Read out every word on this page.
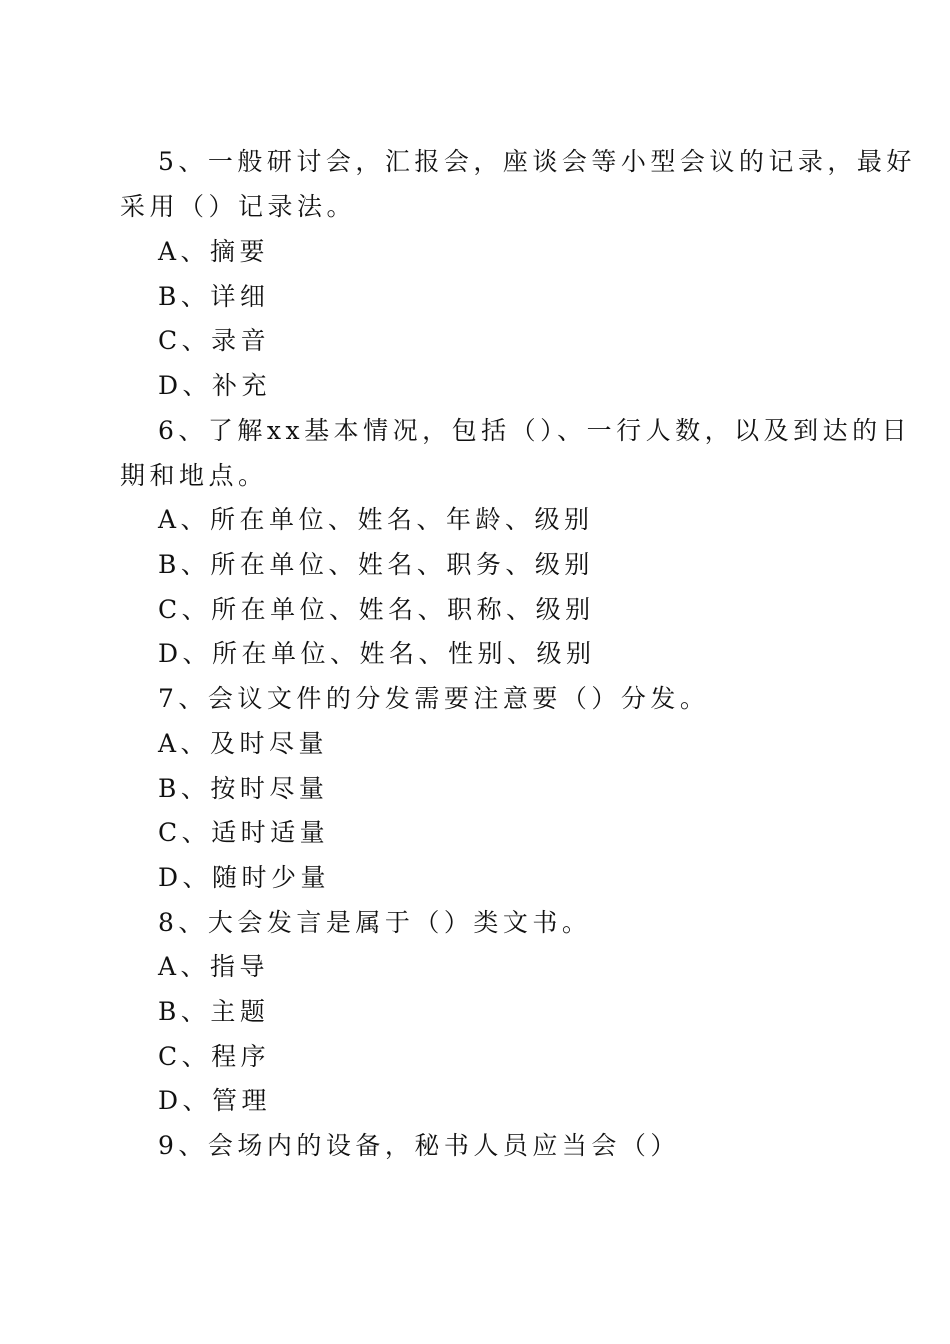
5、一般研讨会，汇报会，座谈会等小型会议的记录，最好
采用（）记录法。
A、摘要
B、详细
C、录音
D、补充
6、了解xx基本情况，包括（）、一行人数，以及到达的日
期和地点。
A、所在单位、姓名、年龄、级别
B、所在单位、姓名、职务、级别
C、所在单位、姓名、职称、级别
D、所在单位、姓名、性别、级别
7、会议文件的分发需要注意要（）分发。
A、及时尽量
B、按时尽量
C、适时适量
D、随时少量
8、大会发言是属于（）类文书。
A、指导
B、主题
C、程序
D、管理
9、会场内的设备，秘书人员应当会（）
